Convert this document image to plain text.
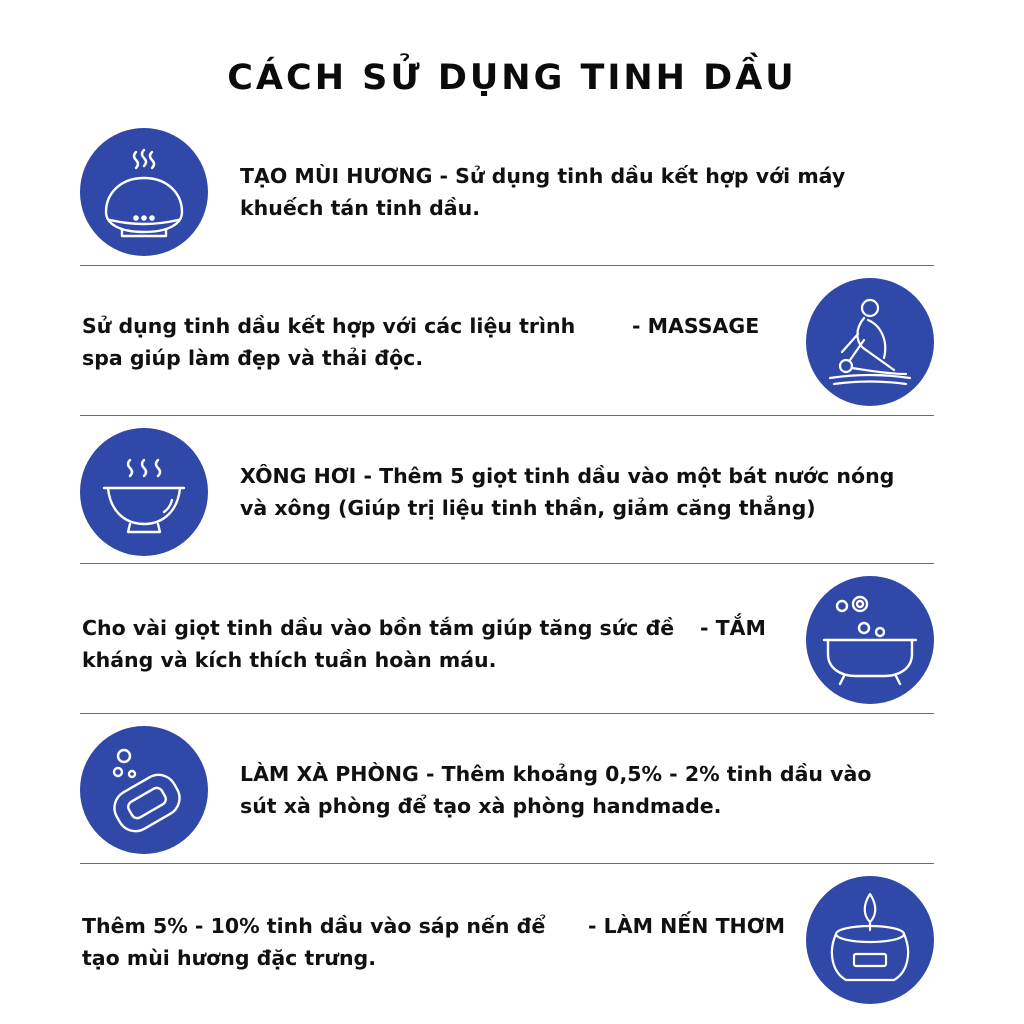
CÁCH SỬ DỤNG TINH DẦU
TẠO MÙI HƯƠNG - Sử dụng tinh dầu kết hợp với máy
khuếch tán tinh dầu.
Sử dụng tinh dầu kết hợp với các liệu trình
spa giúp làm đẹp và thải độc.
- MASSAGE
XÔNG HƠI - Thêm 5 giọt tinh dầu vào một bát nước nóng
và xông (Giúp trị liệu tinh thần, giảm căng thẳng)
Cho vài giọt tinh dầu vào bồn tắm giúp tăng sức đề
kháng và kích thích tuần hoàn máu.
- TẮM
LÀM XÀ PHÒNG - Thêm khoảng 0,5% - 2% tinh dầu vào
sút xà phòng để tạo xà phòng handmade.
Thêm 5% - 10% tinh dầu vào sáp nến để
tạo mùi hương đặc trưng.
- LÀM NẾN THƠM
